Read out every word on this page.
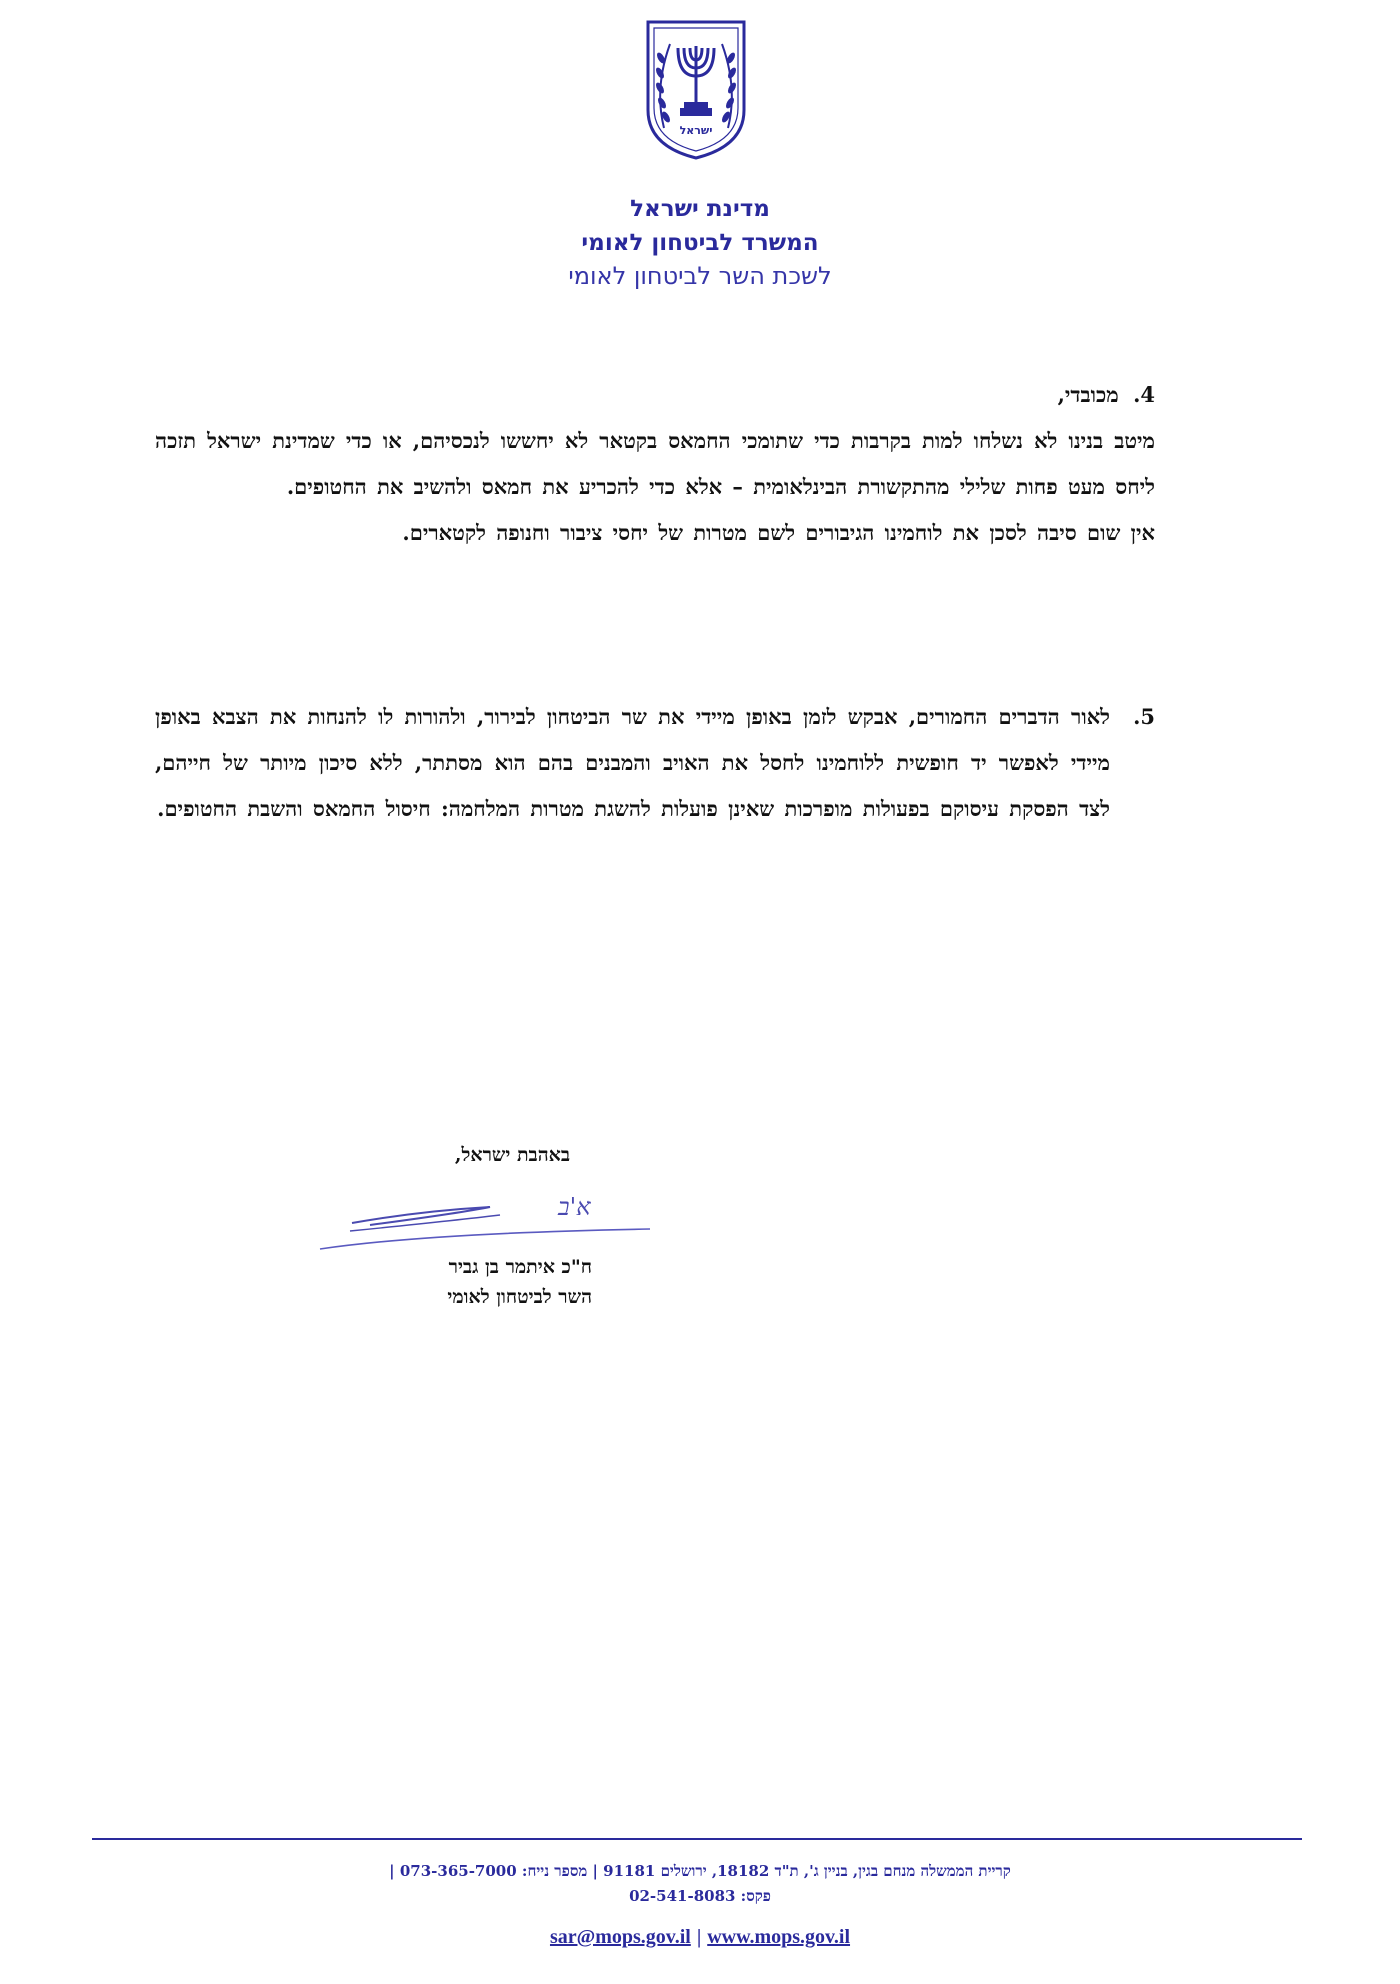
ישראל
מדינת ישראל
המשרד לביטחון לאומי
לשכת השר לביטחון לאומי
4. מכובדי,
מיטב בנינו לא נשלחו למות בקרבות כדי שתומכי החמאס בקטאר לא יחששו לנכסיהם, או כדי שמדינת ישראל תזכה ליחס מעט פחות שלילי מהתקשורת הבינלאומית – אלא כדי להכריע את חמאס ולהשיב את החטופים.
אין שום סיבה לסכן את לוחמינו הגיבורים לשם מטרות של יחסי ציבור וחנופה לקטארים.
5.
לאור הדברים החמורים, אבקש לזמן באופן מיידי את שר הביטחון לבירור, ולהורות לו להנחות את הצבא באופן מיידי לאפשר יד חופשית ללוחמינו לחסל את האויב והמבנים בהם הוא מסתתר, ללא סיכון מיותר של חייהם, לצד הפסקת עיסוקם בפעולות מופרכות שאינן פועלות להשגת מטרות המלחמה: חיסול החמאס והשבת החטופים.
באהבת ישראל,
א'ב
ח"כ איתמר בן גביר
השר לביטחון לאומי
קריית הממשלה מנחם בגין, בניין ג', ת"ד 18182, ירושלים 91181 | מספר נייח: 073-365-7000 |
פקס: 02-541-8083
sar@mops.gov.il | www.mops.gov.il
